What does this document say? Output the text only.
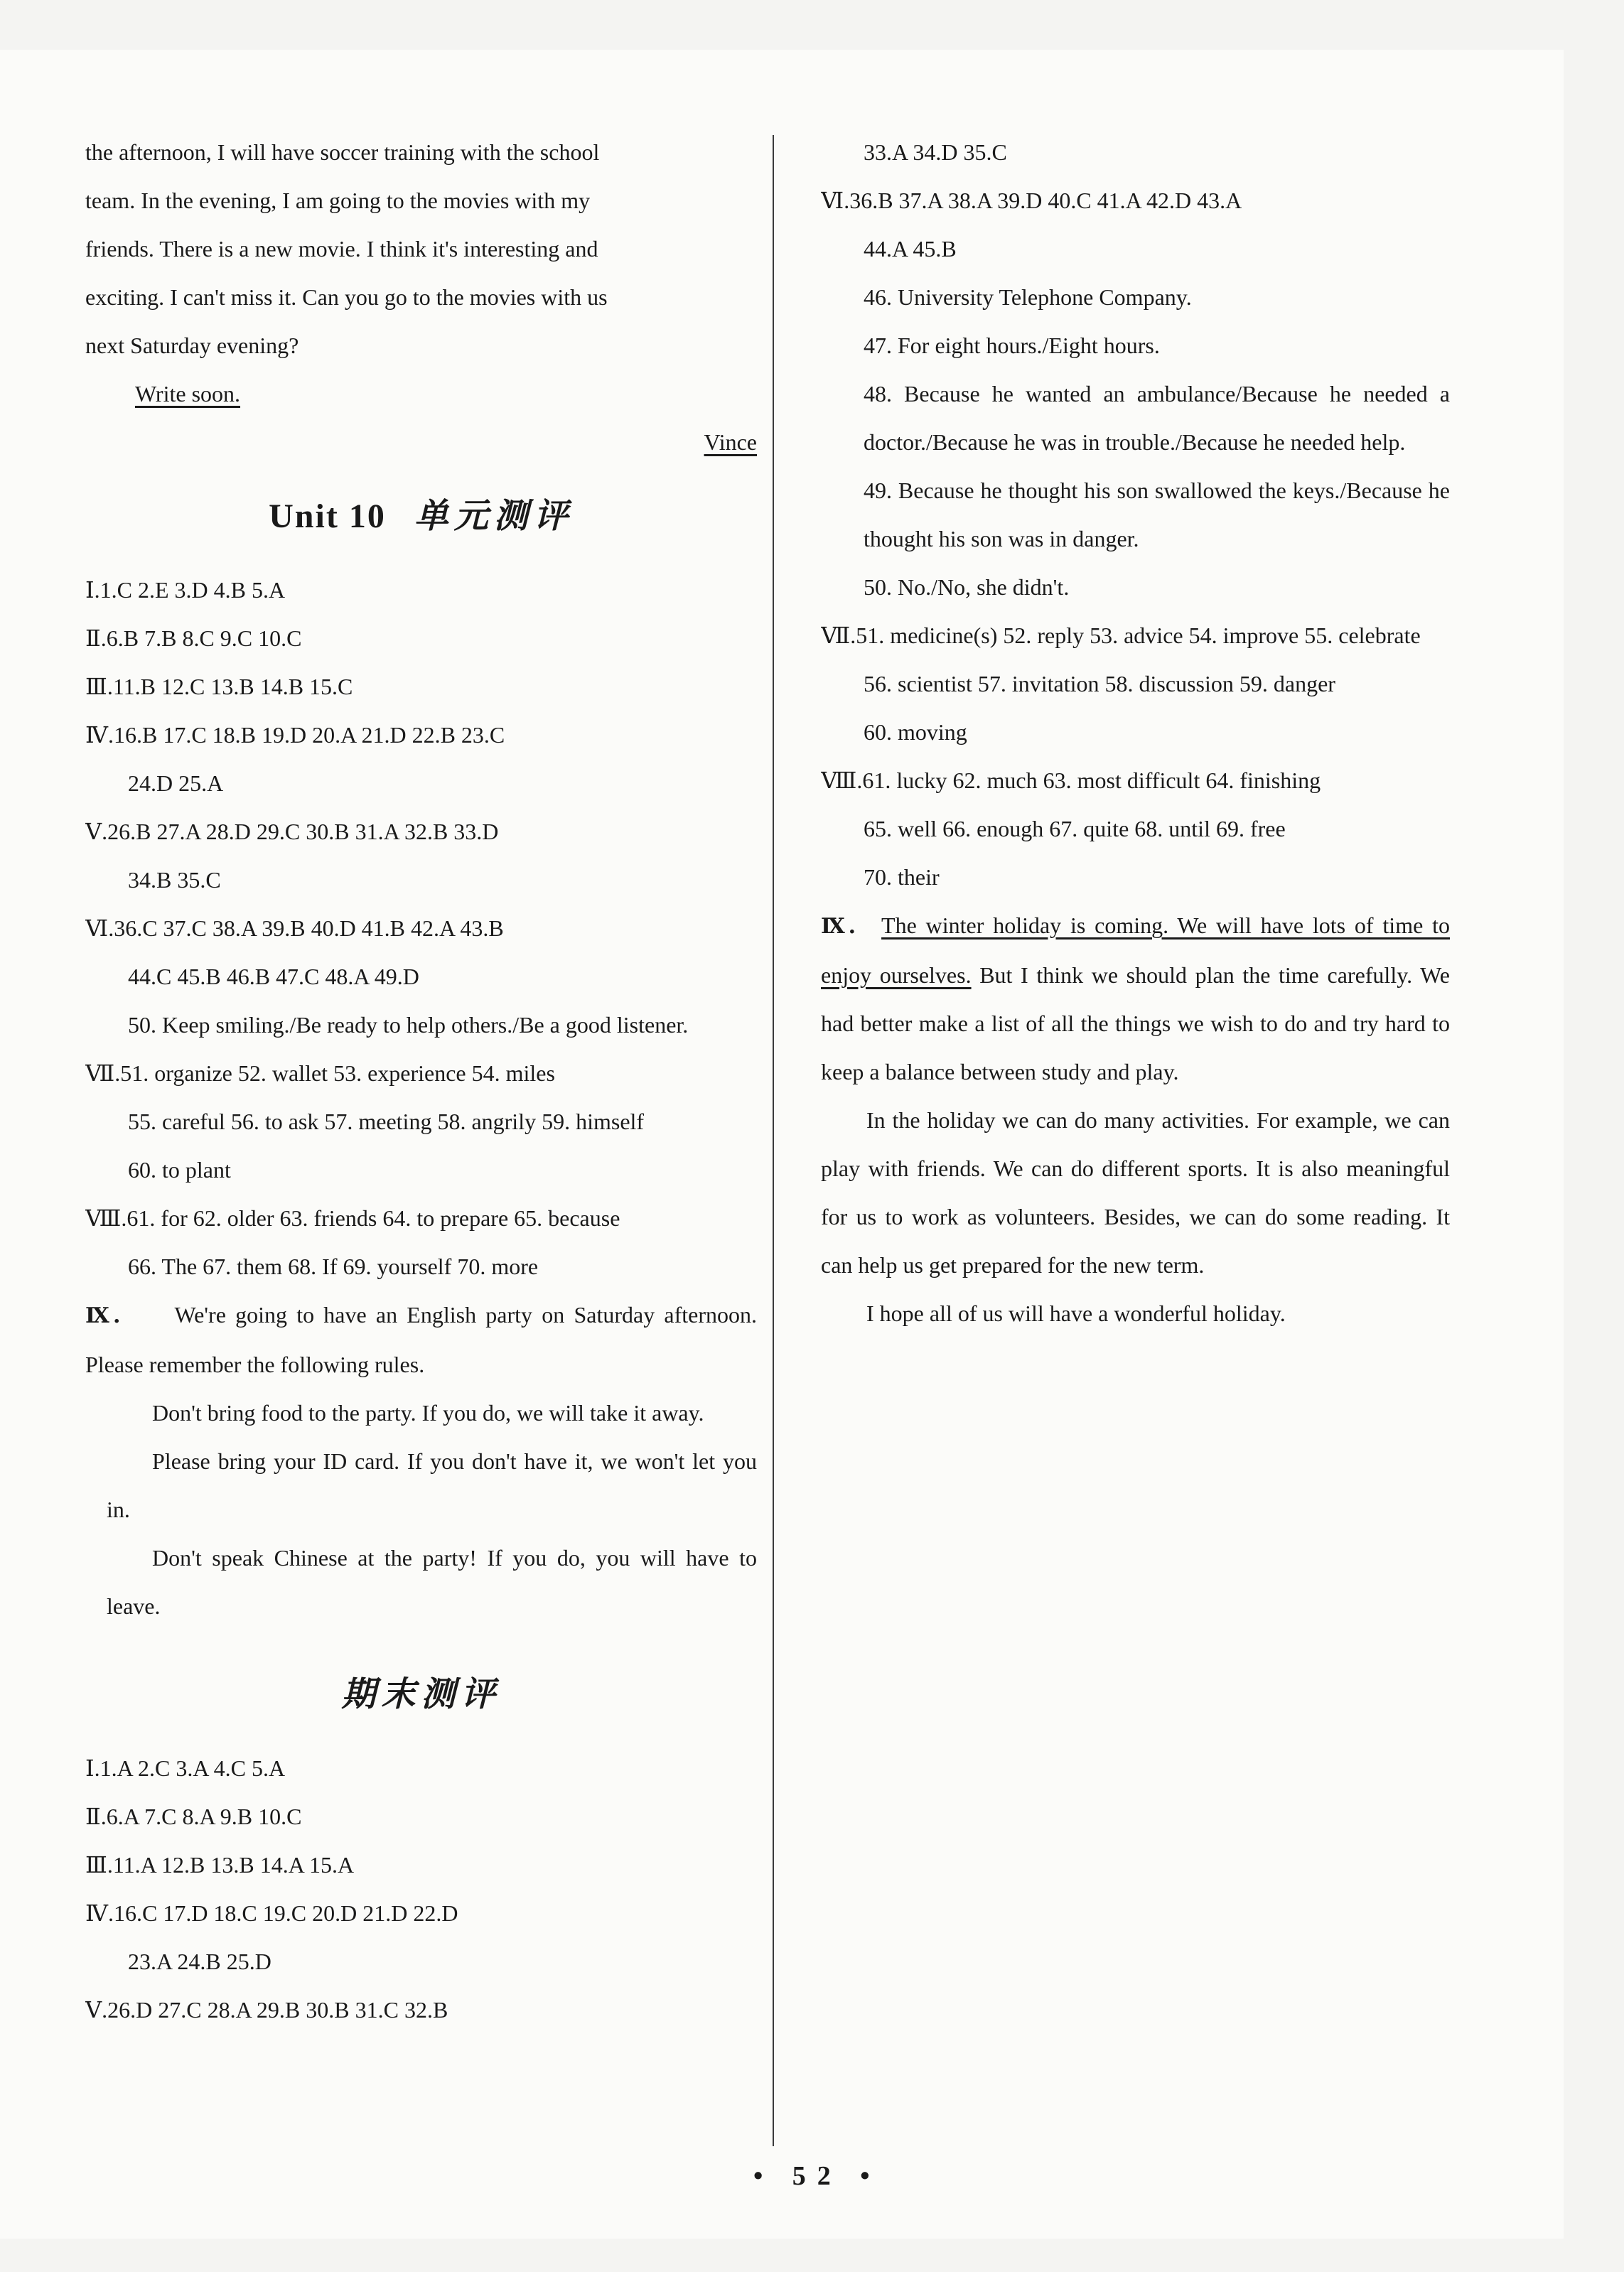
the afternoon, I will have soccer training with the school
team. In the evening, I am going to the movies with my
friends. There is a new movie. I think it's interesting and
exciting. I can't miss it. Can you go to the movies with us
next Saturday evening?
Write soon.
Vince
Unit 10 单元测评
Ⅰ.1.C 2.E 3.D 4.B 5.A
Ⅱ.6.B 7.B 8.C 9.C 10.C
Ⅲ.11.B 12.C 13.B 14.B 15.C
Ⅳ.16.B 17.C 18.B 19.D 20.A 21.D 22.B 23.C
24.D 25.A
Ⅴ.26.B 27.A 28.D 29.C 30.B 31.A 32.B 33.D
34.B 35.C
Ⅵ.36.C 37.C 38.A 39.B 40.D 41.B 42.A 43.B
44.C 45.B 46.B 47.C 48.A 49.D
50. Keep smiling./Be ready to help others./Be a good listener.
Ⅶ.51. organize 52. wallet 53. experience 54. miles
55. careful 56. to ask 57. meeting 58. angrily 59. himself
60. to plant
Ⅷ.61. for 62. older 63. friends 64. to prepare 65. because
66. The 67. them 68. If 69. yourself 70. more
Ⅸ. We're going to have an English party on Saturday afternoon. Please remember the following rules.
Don't bring food to the party. If you do, we will take it away.
Please bring your ID card. If you don't have it, we won't let you in.
Don't speak Chinese at the party! If you do, you will have to leave.
期末测评
Ⅰ.1.A 2.C 3.A 4.C 5.A
Ⅱ.6.A 7.C 8.A 9.B 10.C
Ⅲ.11.A 12.B 13.B 14.A 15.A
Ⅳ.16.C 17.D 18.C 19.C 20.D 21.D 22.D
23.A 24.B 25.D
Ⅴ.26.D 27.C 28.A 29.B 30.B 31.C 32.B
33.A 34.D 35.C
Ⅵ.36.B 37.A 38.A 39.D 40.C 41.A 42.D 43.A
44.A 45.B
46. University Telephone Company.
47. For eight hours./Eight hours.
48. Because he wanted an ambulance/Because he needed a doctor./Because he was in trouble./Because he needed help.
49. Because he thought his son swallowed the keys./Because he thought his son was in danger.
50. No./No, she didn't.
Ⅶ.51. medicine(s) 52. reply 53. advice 54. improve 55. celebrate
56. scientist 57. invitation 58. discussion 59. danger
60. moving
Ⅷ.61. lucky 62. much 63. most difficult 64. finishing
65. well 66. enough 67. quite 68. until 69. free
70. their
Ⅸ. The winter holiday is coming. We will have lots of time to enjoy ourselves. But I think we should plan the time carefully. We had better make a list of all the things we wish to do and try hard to keep a balance between study and play.
In the holiday we can do many activities. For example, we can play with friends. We can do different sports. It is also meaningful for us to work as volunteers. Besides, we can do some reading. It can help us get prepared for the new term.
I hope all of us will have a wonderful holiday.
• 52 •
